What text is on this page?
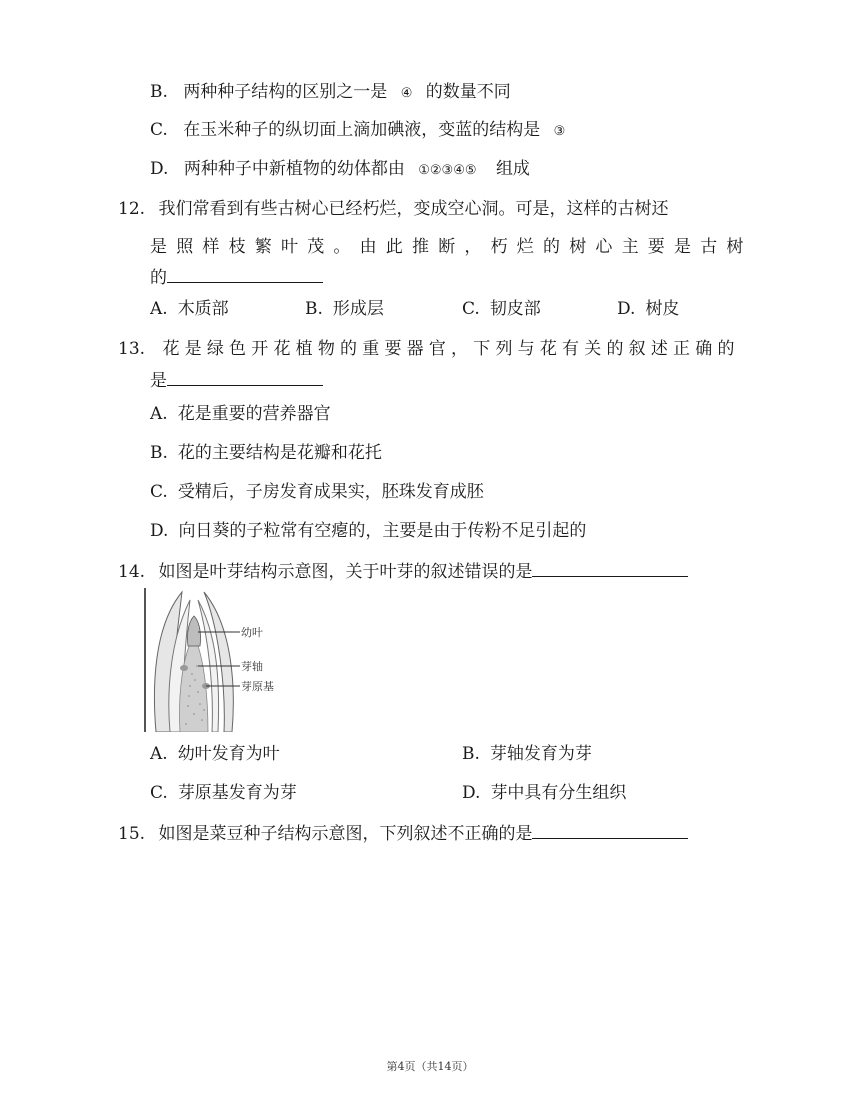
B. 两种种子结构的区别之一是 ④ 的数量不同
C. 在玉米种子的纵切面上滴加碘液，变蓝的结构是 ③
D. 两种种子中新植物的幼体都由 ①②③④⑤ 组成
12. 我们常看到有些古树心已经朽烂，变成空心洞。可是，这样的古树还
是照样枝繁叶茂。由此推断，朽烂的树心主要是古树
的
A. 木质部	B. 形成层	C. 韧皮部	D. 树皮
13. 花是绿色开花植物的重要器官，下列与花有关的叙述正确的
是
A. 花是重要的营养器官
B. 花的主要结构是花瓣和花托
C. 受精后，子房发育成果实，胚珠发育成胚
D. 向日葵的子粒常有空瘪的，主要是由于传粉不足引起的
14. 如图是叶芽结构示意图，关于叶芽的叙述错误的是
幼叶
芽轴
芽原基
A. 幼叶发育为叶	B. 芽轴发育为芽
C. 芽原基发育为芽	D. 芽中具有分生组织
15. 如图是菜豆种子结构示意图，下列叙述不正确的是
第4页（共14页）
